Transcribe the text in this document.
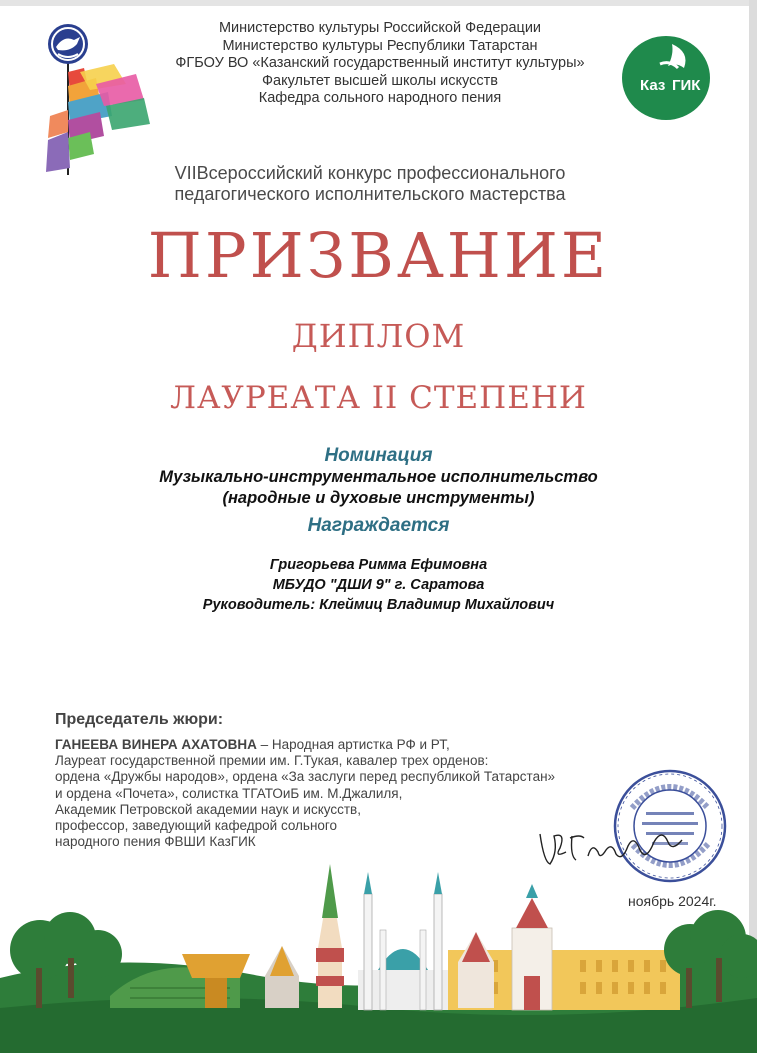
Министерство культуры Российской Федерации
Министерство культуры Республики Татарстан
ФГБОУ ВО «Казанский государственный институт культуры»
Факультет высшей школы искусств
Кафедра сольного народного пения
Каз ГИК
VIIВсероссийский конкурс профессионального
педагогического исполнительского мастерства
ПРИЗВАНИЕ
ДИПЛОМ
ЛАУРЕАТА II СТЕПЕНИ
Номинация
Музыкально-инструментальное исполнительство
(народные и духовые инструменты)
Награждается
Григорьева Римма Ефимовна
МБУДО "ДШИ 9" г. Саратова
Руководитель: Клеймиц Владимир Михайлович
Председатель жюри:
ГАНЕЕВА ВИНЕРА АХАТОВНА – Народная артистка РФ и РТ,
Лауреат государственной премии им. Г.Тукая, кавалер трех орденов:
ордена «Дружбы народов», ордена «За заслуги перед республикой Татарстан»
и ордена «Почета», солистка ТГАТОиБ им. М.Джалиля,
Академик Петровской академии наук и искусств,
профессор, заведующий кафедрой сольного
народного пения ФВШИ КазГИК
ноябрь 2024г.
